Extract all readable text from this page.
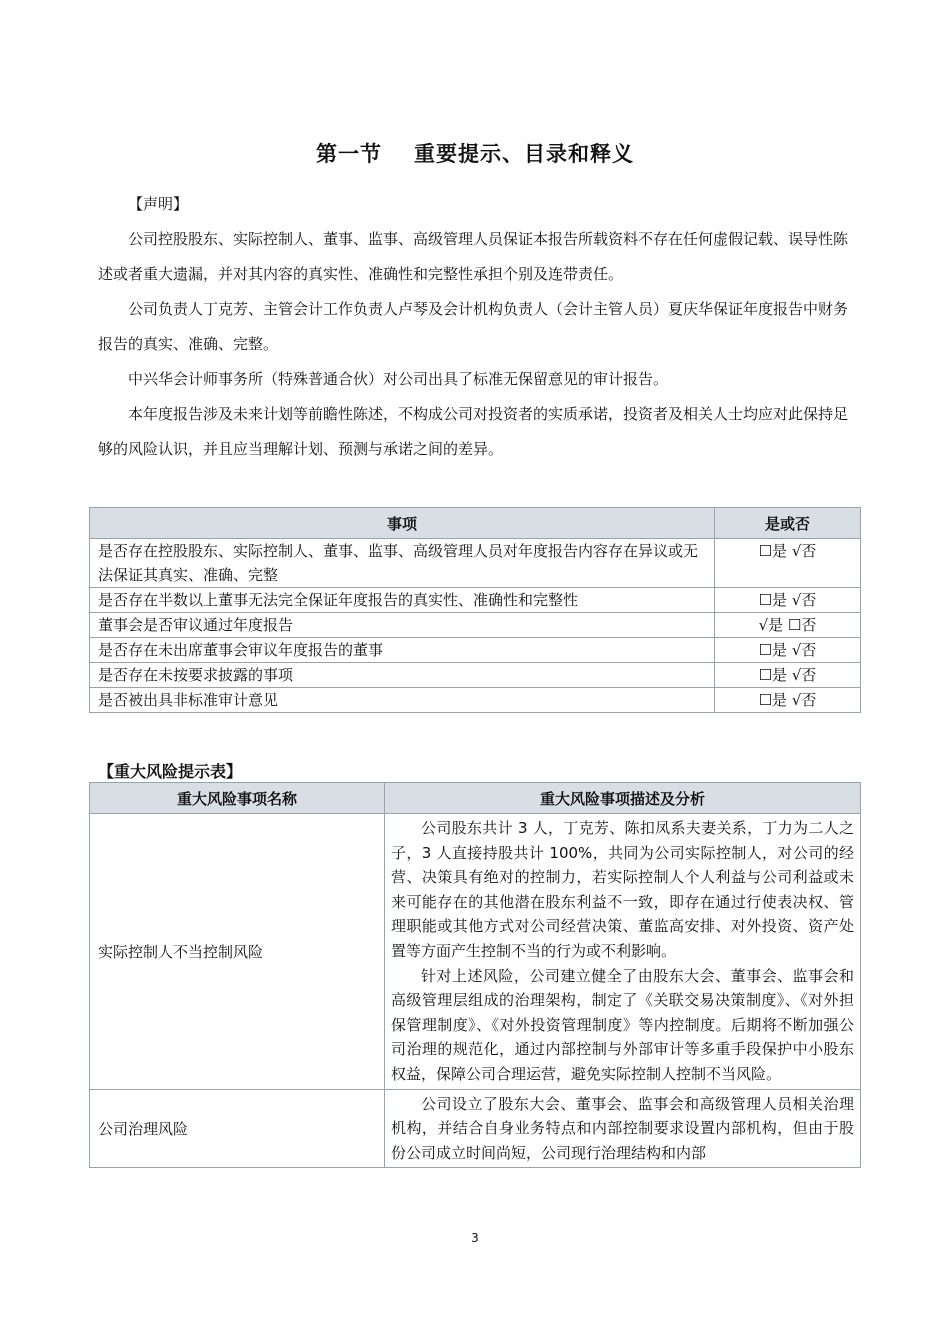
第一节 重要提示、目录和释义
【声明】

公司控股股东、实际控制人、董事、监事、高级管理人员保证本报告所载资料不存在任何虚假记载、误导性陈述或者重大遗漏，并对其内容的真实性、准确性和完整性承担个别及连带责任。

公司负责人丁克芳、主管会计工作负责人卢琴及会计机构负责人（会计主管人员）夏庆华保证年度报告中财务报告的真实、准确、完整。

中兴华会计师事务所（特殊普通合伙）对公司出具了标准无保留意见的审计报告。

本年度报告涉及未来计划等前瞻性陈述，不构成公司对投资者的实质承诺，投资者及相关人士均应对此保持足够的风险认识，并且应当理解计划、预测与承诺之间的差异。

事项	是或否
是否存在控股股东、实际控制人、董事、监事、高级管理人员对年度报告内容存在异议或无法保证其真实、准确、完整	☐是 √否
是否存在半数以上董事无法完全保证年度报告的真实性、准确性和完整性	☐是 √否
董事会是否审议通过年度报告	√是 ☐否
是否存在未出席董事会审议年度报告的董事	☐是 √否
是否存在未按要求披露的事项	☐是 √否
是否被出具非标准审计意见	☐是 √否
【重大风险提示表】
重大风险事项名称	重大风险事项描述及分析
实际控制人不当控制风险	公司股东共计 3 人，丁克芳、陈扣凤系夫妻关系，丁力为二人之子，3 人直接持股共计 100%，共同为公司实际控制人，对公司的经营、决策具有绝对的控制力，若实际控制人个人利益与公司利益或未来可能存在的其他潜在股东利益不一致，即存在通过行使表决权、管理职能或其他方式对公司经营决策、董监高安排、对外投资、资产处置等方面产生控制不当的行为或不利影响。

针对上述风险，公司建立健全了由股东大会、董事会、监事会和高级管理层组成的治理架构，制定了《关联交易决策制度》、《对外担保管理制度》、《对外投资管理制度》等内控制度。后期将不断加强公司治理的规范化，通过内部控制与外部审计等多重手段保护中小股东权益，保障公司合理运营，避免实际控制人控制不当风险。

公司治理风险	公司设立了股东大会、董事会、监事会和高级管理人员相关治理机构，并结合自身业务特点和内部控制要求设置内部机构，但由于股份公司成立时间尚短，公司现行治理结构和内部

3
